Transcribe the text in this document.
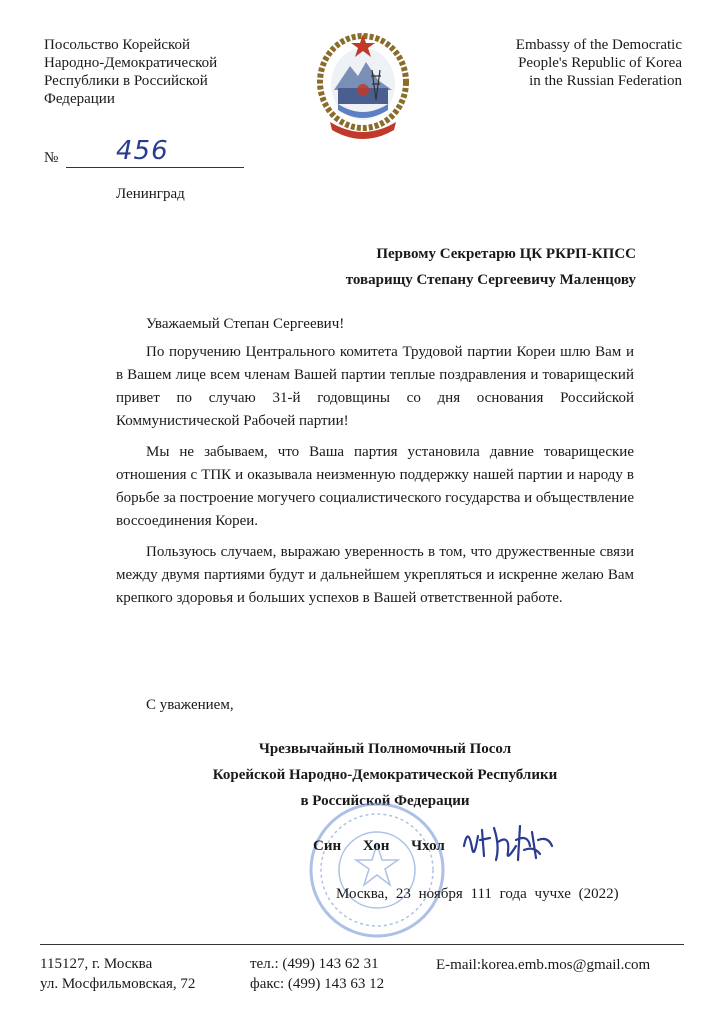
Посольство Корейской
Народно-Демократической
Республики в Российской
Федерации
Embassy of the Democratic
People's Republic of Korea
in the Russian Federation
№ 456
Ленинград
Первому Секретарю ЦК РКРП-КПСС
товарищу Степану Сергеевичу Маленцову
Уважаемый Степан Сергеевич!

По поручению Центрального комитета Трудовой партии Кореи шлю Вам и в Вашем лице всем членам Вашей партии теплые поздравления и товарищеский привет по случаю 31-й годовщины со дня основания Российской Коммунистической Рабочей партии!

Мы не забываем, что Ваша партия установила давние товарищеские отношения с ТПК и оказывала неизменную поддержку нашей партии и народу в борьбе за построение могучего социалистического государства и объществление воссоединения Кореи.

Пользуюсь случаем, выражаю уверенность в том, что дружественные связи между двумя партиями будут и дальнейшем укрепляться и искренне желаю Вам крепкого здоровья и больших успехов в Вашей ответственной работе.

С уважением,
Чрезвычайный Полномочный Посол
Корейской Народно-Демократической Республики
в Российской Федерации
Син Хон Чхол
Москва, 23 ноября 111 года чучхе (2022)
115127, г. Москва
ул. Мосфильмовская, 72
тел.: (499) 143 62 31
факс: (499) 143 63 12
E-mail:korea.emb.mos@gmail.com
